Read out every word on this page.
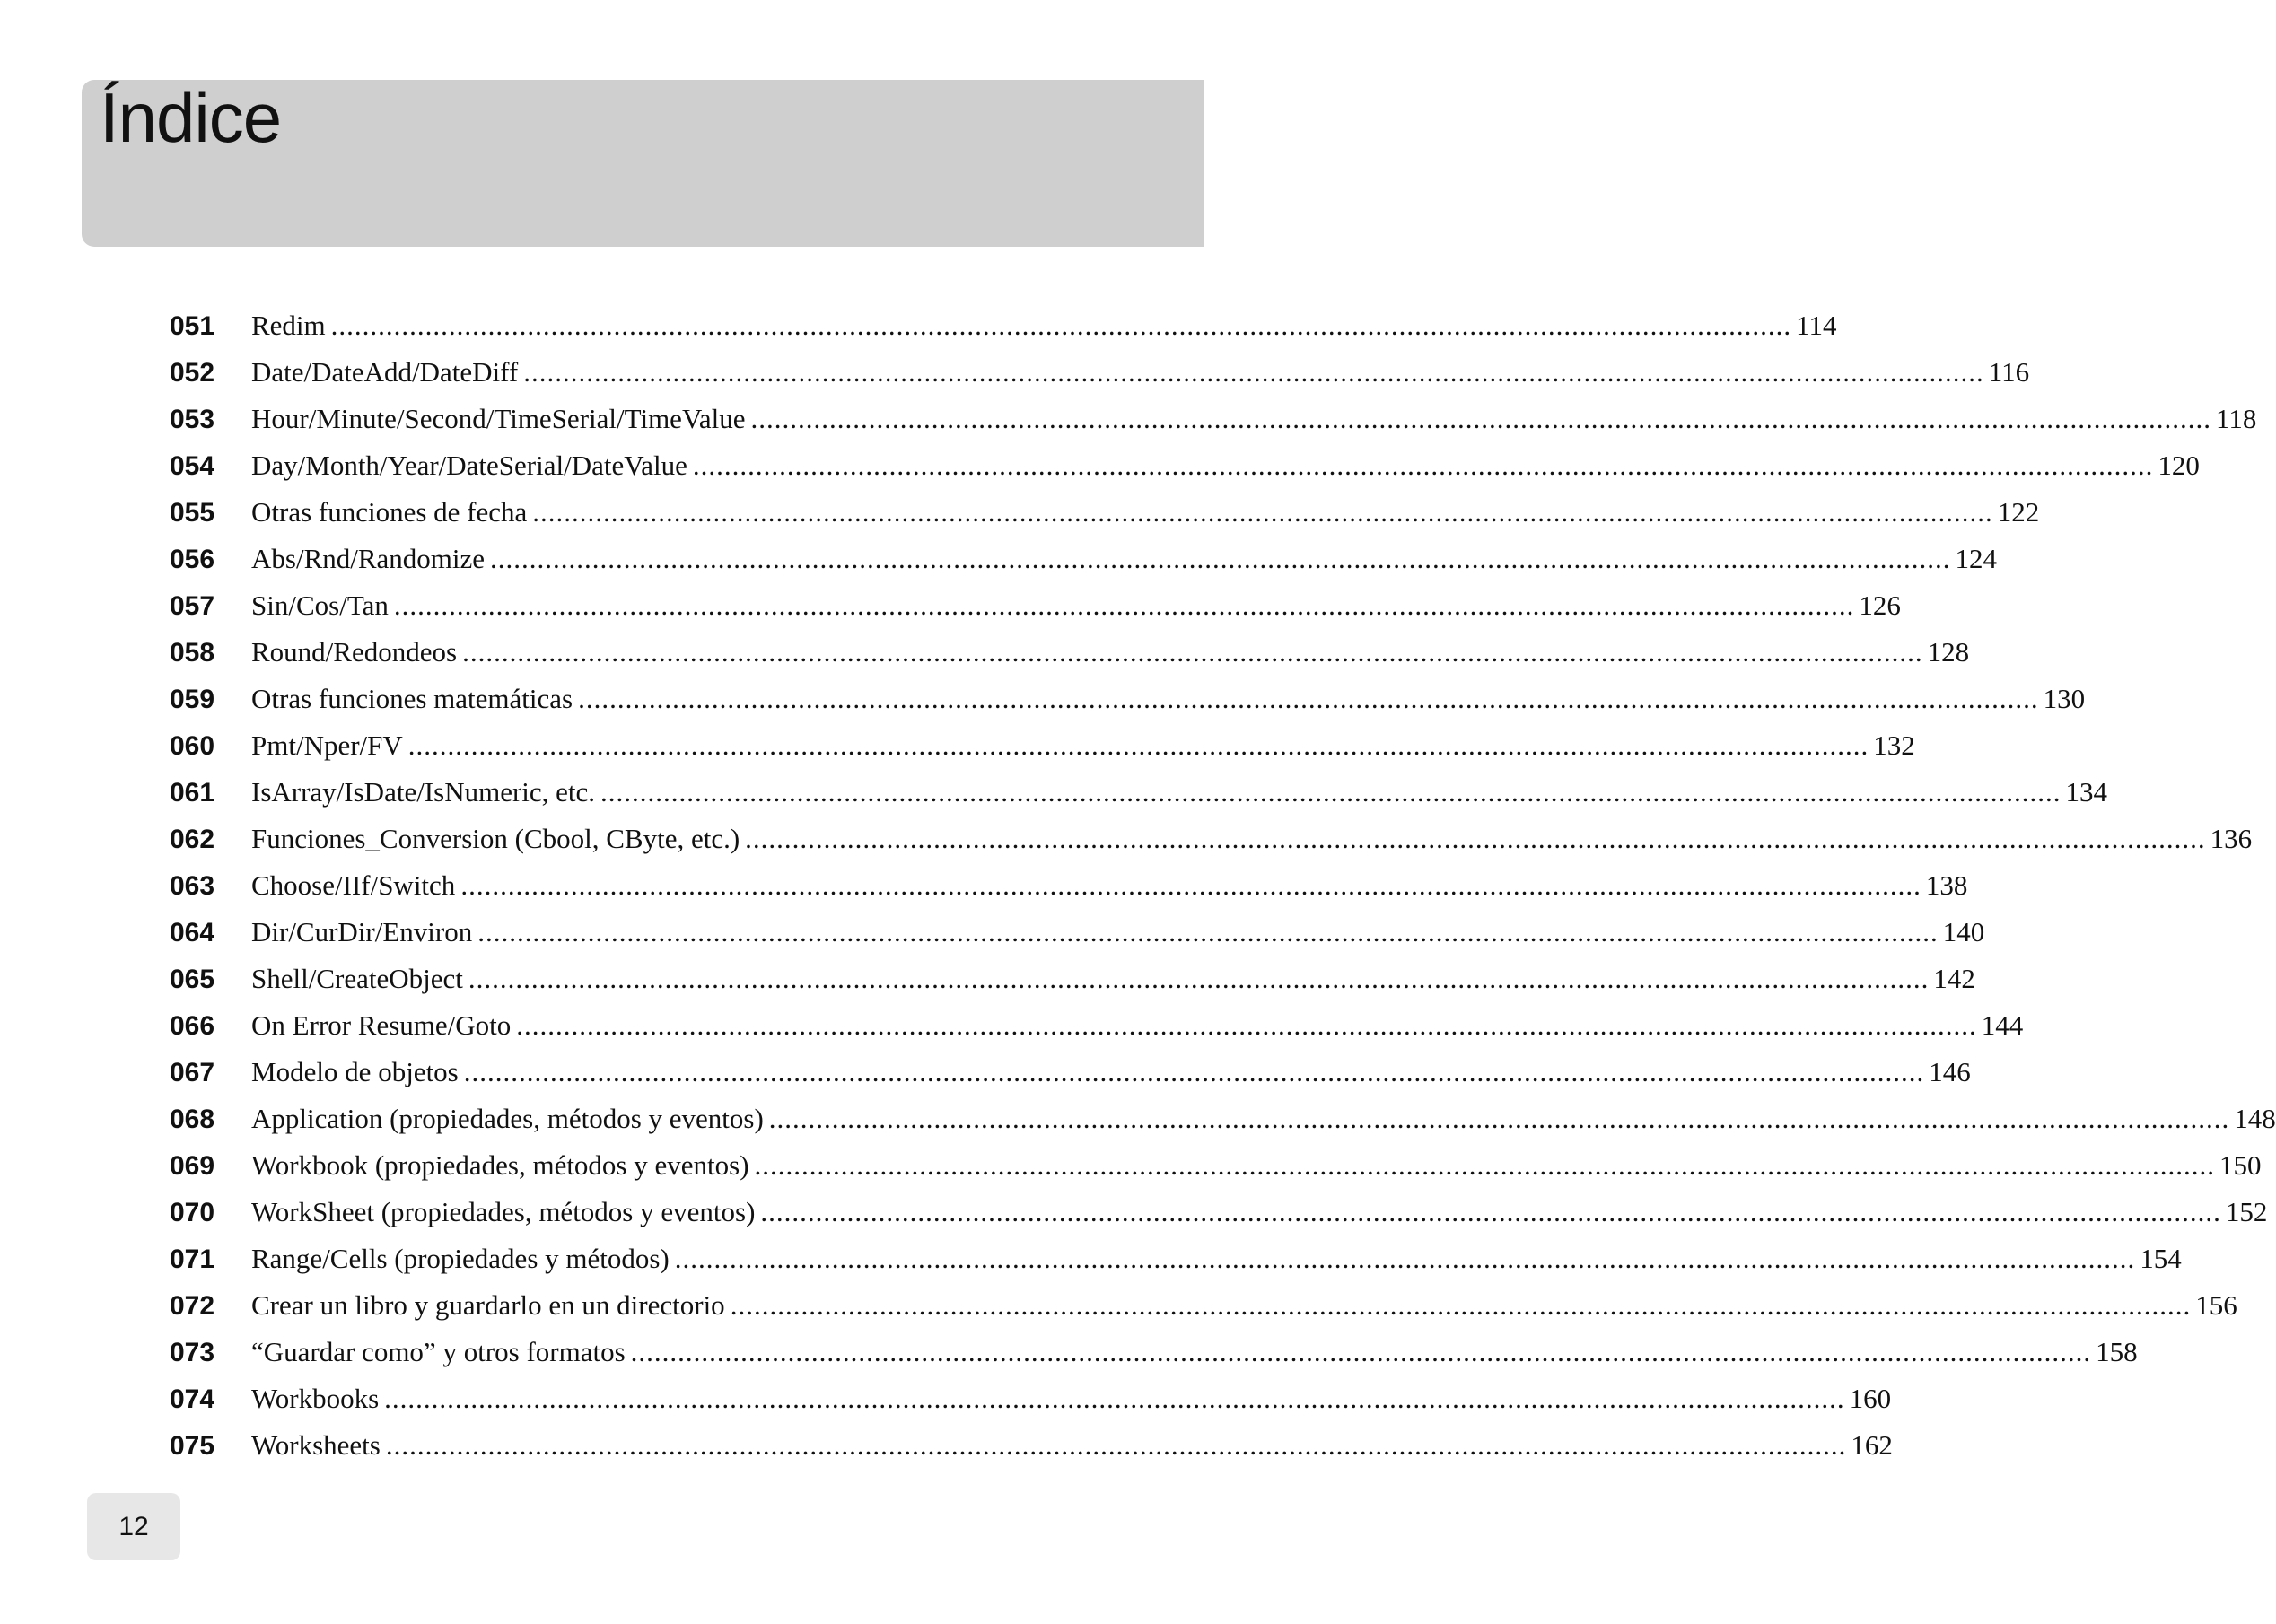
Índice
051	Redim .....	114
052	Date/DateAdd/DateDiff .....	116
053	Hour/Minute/Second/TimeSerial/TimeValue .....	118
054	Day/Month/Year/DateSerial/DateValue .....	120
055	Otras funciones de fecha .....	122
056	Abs/Rnd/Randomize .....	124
057	Sin/Cos/Tan .....	126
058	Round/Redondeos .....	128
059	Otras funciones matemáticas .....	130
060	Pmt/Nper/FV .....	132
061	IsArray/IsDate/IsNumeric, etc. .....	134
062	Funciones_Conversion (Cbool, CByte, etc.) .....	136
063	Choose/IIf/Switch .....	138
064	Dir/CurDir/Environ .....	140
065	Shell/CreateObject .....	142
066	On Error Resume/Goto .....	144
067	Modelo de objetos .....	146
068	Application (propiedades, métodos y eventos) .....	148
069	Workbook (propiedades, métodos y eventos) .....	150
070	WorkSheet (propiedades, métodos y eventos) .....	152
071	Range/Cells (propiedades y métodos) .....	154
072	Crear un libro y guardarlo en un directorio .....	156
073	“Guardar como” y otros formatos .....	158
074	Workbooks .....	160
075	Worksheets .....	162
12
